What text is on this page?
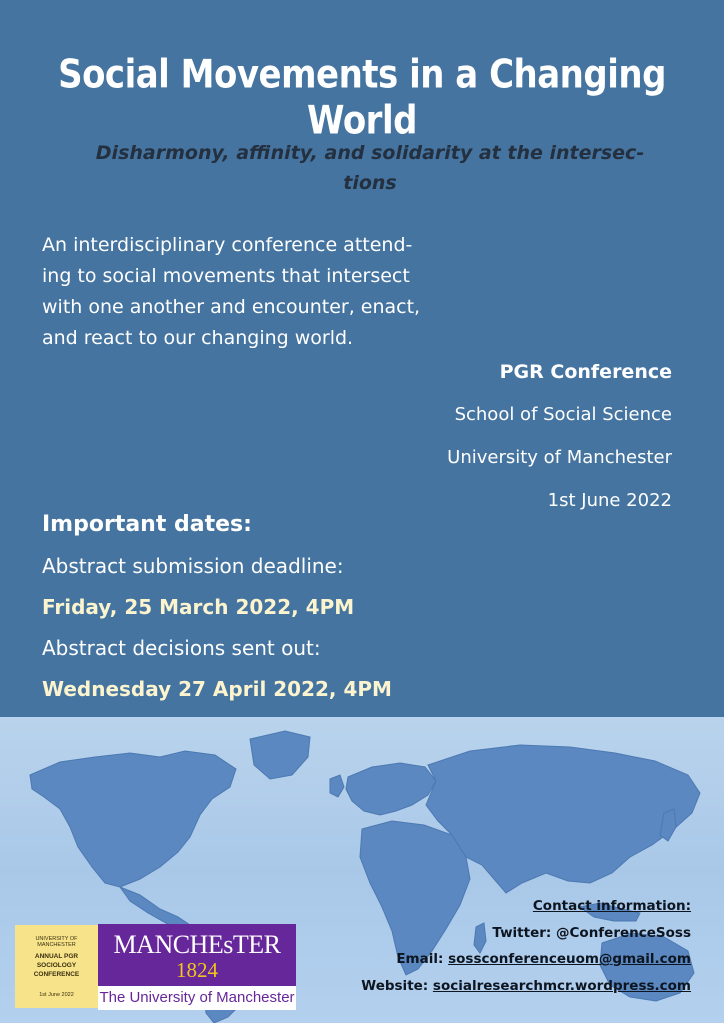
Social Movements in a Changing World
Disharmony, affinity, and solidarity at the intersec-
tions
An interdisciplinary conference attend-
ing to social movements that intersect
with one another and encounter, enact,
and react to our changing world.
PGR Conference
School of Social Science
University of Manchester
1st June 2022
Important dates:
Abstract submission deadline:
Friday, 25 March 2022, 4PM
Abstract decisions sent out:
Wednesday 27 April 2022, 4PM
UNIVERSITY OF
MANCHESTER
ANNUAL PGR
SOCIOLOGY
CONFERENCE
1st June 2022
MANCHEsTER
1824
The University of Manchester
Contact information:
Twitter: @ConferenceSoss
Email: sossconferenceuom@gmail.com
Website: socialresearchmcr.wordpress.com
